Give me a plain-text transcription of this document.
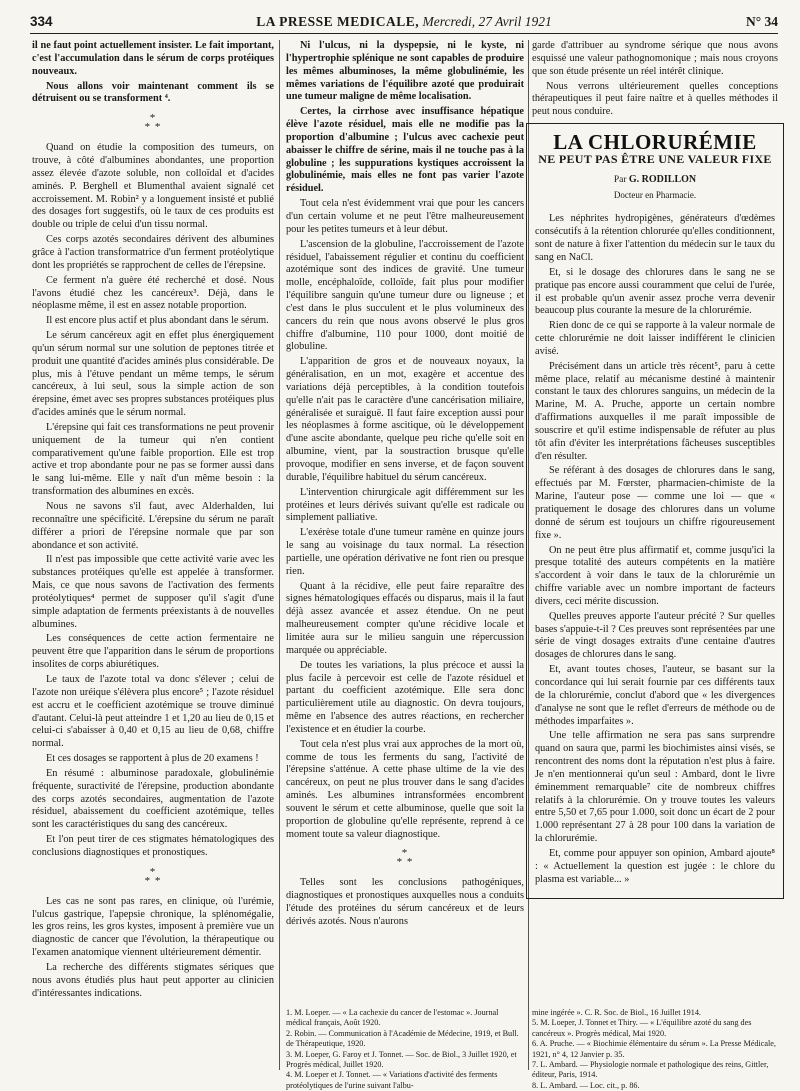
334	LA PRESSE MEDICALE, Mercredi, 27 Avril 1921	N° 34

il ne faut point actuellement insister. Le fait important, c'est l'accumulation dans le sérum de corps protéiques nouveaux.

Nous allons voir maintenant comment ils se détruisent ou se transforment ⁴.

*
* *

Quand on étudie la composition des tumeurs, on trouve, à côté d'albumines abondantes, une proportion assez élevée d'azote soluble, non colloïdal et d'acides aminés. P. Berghell et Blumenthal avaient signalé cet accroissement. M. Robin² y a longuement insisté et publié des dosages fort suggestifs, où le taux de ces produits est double ou triple de celui d'un tissu normal.

Ces corps azotés secondaires dérivent des albumines grâce à l'action transformatrice d'un ferment protéolytique dont les propriétés se rapprochent de celles de l'érepsine.

Ce ferment n'a guère été recherché et dosé. Nous l'avons étudié chez les cancéreux³. Déjà, dans le néoplasme même, il est en assez notable proportion.

Il est encore plus actif et plus abondant dans le sérum.

Le sérum cancéreux agit en effet plus énergiquement qu'un sérum normal sur une solution de peptones titrée et produit une quantité d'acides aminés plus considérable. De plus, mis à l'étuve pendant un même temps, le sérum cancéreux, à lui seul, sous la simple action de son érepsine, émet avec ses propres substances protéiques plus d'acides aminés que le sérum normal.

L'érepsine qui fait ces transformations ne peut provenir uniquement de la tumeur qui n'en contient comparativement qu'une faible proportion. Elle est trop active et trop abondante pour ne pas se former aussi dans le sang lui-même. Elle y naît d'un même besoin : la transformation des albumines en excès.

Nous ne savons s'il faut, avec Alderhalden, lui reconnaître une spécificité. L'érepsine du sérum ne paraît différer a priori de l'érepsine normale que par son abondance et son activité.

Il n'est pas impossible que cette activité varie avec les substances protéiques qu'elle est appelée à transformer. Mais, ce que nous savons de l'activation des ferments protéolytiques⁴ permet de supposer qu'il s'agit d'une simple adaptation de ferments préexistants à de nouvelles albumines.

Les conséquences de cette action fermentaire ne peuvent être que l'apparition dans le sérum de proportions insolites de corps abiurétiques.

Le taux de l'azote total va donc s'élever ; celui de l'azote non uréique s'élèvera plus encore⁵ ; l'azote résiduel est accru et le coefficient azotémique se trouve diminué d'autant. Celui-là peut atteindre 1 et 1,20 au lieu de 0,15 et celui-ci s'abaisser à 0,40 et 0,15 au lieu de 0,68, chiffre normal.

Et ces dosages se rapportent à plus de 20 examens !

En résumé : albuminose paradoxale, globulinémie fréquente, suractivité de l'érepsine, production abondante des corps azotés secondaires, augmentation de l'azote résiduel, abaissement du coefficient azotémique, telles sont les caractéristiques du sang des cancéreux.

Et l'on peut tirer de ces stigmates hématologiques des conclusions diagnostiques et pronostiques.

*
* *

Les cas ne sont pas rares, en clinique, où l'urémie, l'ulcus gastrique, l'apepsie chronique, la splénomégalie, les gros reins, les gros kystes, imposent à première vue un diagnostic de cancer que l'évolution, la thérapeutique ou l'examen anatomique viennent ultérieurement démentir.

La recherche des différents stigmates sériques que nous avons étudiés plus haut peut apporter au clinicien d'intéressantes indications.

Ni l'ulcus, ni la dyspepsie, ni le kyste, ni l'hypertrophie splénique ne sont capables de produire les mêmes albuminoses, la même globulinémie, les mêmes variations de l'équilibre azoté que produirait une tumeur maligne de même localisation.

Certes, la cirrhose avec insuffisance hépatique élève l'azote résiduel, mais elle ne modifie pas la proportion d'albumine ; l'ulcus avec cachexie peut abaisser le chiffre de sérine, mais il ne touche pas à la globuline ; les suppurations kystiques accroissent la globulinémie, mais elles ne font pas varier l'azote résiduel.

Tout cela n'est évidemment vrai que pour les cancers d'un certain volume et ne peut l'être malheureusement pour les petites tumeurs et à leur début.

L'ascension de la globuline, l'accroissement de l'azote résiduel, l'abaissement régulier et continu du coefficient azotémique sont des indices de gravité. Une tumeur molle, encéphaloïde, colloïde, fait plus pour modifier l'équilibre sanguin qu'une tumeur dure ou ligneuse ; et c'est dans le plus succulent et le plus volumineux des cancers du rein que nous avons observé le plus gros chiffre d'albumine, 110 pour 1000, dont moitié de globuline.

L'apparition de gros et de nouveaux noyaux, la généralisation, en un mot, exagère et accentue des variations déjà perceptibles, à la condition toutefois qu'elle n'ait pas le caractère d'une cancérisation miliaire, généralisée et suraiguë. Il faut faire exception aussi pour les néoplasmes à forme ascitique, où le développement d'une ascite abondante, quelque peu riche qu'elle soit en albumine, vient, par la soustraction brusque qu'elle provoque, modifier en sens inverse, et de façon souvent durable, l'équilibre habituel du sérum cancéreux.

L'intervention chirurgicale agit différemment sur les protéines et leurs dérivés suivant qu'elle est radicale ou simplement palliative.

L'exérèse totale d'une tumeur ramène en quinze jours le sang au voisinage du taux normal. La résection partielle, une opération dérivative ne font rien ou presque rien.

Quant à la récidive, elle peut faire reparaître des signes hématologiques effacés ou disparus, mais il la faut déjà assez avancée et assez étendue. On ne peut malheureusement compter qu'une récidive locale et limitée aura sur le milieu sanguin une répercussion marquée ou appréciable.

De toutes les variations, la plus précoce et aussi la plus facile à percevoir est celle de l'azote résiduel et partant du coefficient azotémique. Elle sera donc particulièrement utile au diagnostic. On devra toujours, même en l'absence des autres réactions, en rechercher l'existence et en étudier la courbe.

Tout cela n'est plus vrai aux approches de la mort où, comme de tous les ferments du sang, l'activité de l'érepsine s'atténue. A cette phase ultime de la vie des cancéreux, on peut ne plus trouver dans le sang d'acides aminés. Les albumines intransformées encombrent souvent le sérum et cette albuminose, quelle que soit la proportion de globuline qu'elle représente, reprend à ce moment toute sa valeur diagnostique.

*
* *

Telles sont les conclusions pathogéniques, diagnostiques et pronostiques auxquelles nous a conduits l'étude des protéines du sérum cancéreux et de leurs dérivés azotés. Nous n'aurons

garde d'attribuer au syndrome sérique que nous avons esquissé une valeur pathognomonique ; mais nous croyons que son étude présente un réel intérêt clinique.

Nous verrons ultérieurement quelles conceptions thérapeutiques il peut faire naître et à quelles méthodes il peut nous conduire.

LA CHLORURÉMIE
NE PEUT PAS ÊTRE UNE VALEUR FIXE
Par G. RODILLON
Docteur en Pharmacie.

Les néphrites hydropigènes, générateurs d'œdèmes consécutifs à la rétention chlorurée qu'elles conditionnent, sont de nature à fixer l'attention du médecin sur le taux du sang en NaCl.

Et, si le dosage des chlorures dans le sang ne se pratique pas encore aussi couramment que celui de l'urée, il est probable qu'un avenir assez proche verra devenir beaucoup plus courante la mesure de la chlorurémie.

Rien donc de ce qui se rapporte à la valeur normale de cette chlorurémie ne doit laisser indifférent le clinicien avisé.

Précisément dans un article très récent⁵, paru à cette même place, relatif au mécanisme destiné à maintenir constant le taux des chlorures sanguins, un médecin de la Marine, M. A. Pruche, apporte un certain nombre d'affirmations auxquelles il me paraît impossible de souscrire et qu'il estime indispensable de réfuter au plus tôt afin d'éviter les interprétations fâcheuses susceptibles d'en résulter.

Se référant à des dosages de chlorures dans le sang, effectués par M. Fœrster, pharmacien-chimiste de la Marine, l'auteur pose — comme une loi — que « pratiquement le dosage des chlorures dans un volume donné de sérum est toujours un chiffre rigoureusement fixe ».

On ne peut être plus affirmatif et, comme jusqu'ici la presque totalité des auteurs compétents en la matière s'accordent à voir dans le taux de la chlorurémie un chiffre variable avec un nombre important de facteurs divers, ceci mérite discussion.

Quelles preuves apporte l'auteur précité ? Sur quelles bases s'appuie-t-il ? Ces preuves sont représentées par une série de vingt dosages extraits d'une centaine d'autres dosages de chlorures dans le sang.

Et, avant toutes choses, l'auteur, se basant sur la concordance qui lui serait fournie par ces différents taux de la chlorurémie, conclut d'abord que « les divergences d'analyse ne sont que le reflet d'erreurs de méthode ou de méthodes imparfaites ».

Une telle affirmation ne sera pas sans surprendre quand on saura que, parmi les biochimistes ainsi visés, se rencontrent des noms dont la réputation n'est plus à faire. Je n'en mentionnerai qu'un seul : Ambard, dont le livre éminemment remarquable⁷ cite de nombreux chiffres relatifs à la chlorurémie. On y trouve toutes les valeurs entre 5,50 et 7,65 pour 1.000, soit donc un écart de 2 pour 1.000 représentant 27 à 28 pour 100 dans la variation de la chlorurémie.

Et, comme pour appuyer son opinion, Ambard ajoute⁸ : « Actuellement la question est jugée : le chlore du plasma est variable... »

1. M. Loeper. — « La cachexie du cancer de l'estomac ». Journal médical français, Août 1920.
2. Robin. — Communication à l'Académie de Médecine, 1919, et Bull. de Thérapeutique, 1920.
3. M. Loeper, G. Faroy et J. Tonnet. — Soc. de Biol., 3 Juillet 1920, et Progrès médical, Juillet 1920.
4. M. Loeper et J. Tonnet. — « Variations d'activité des ferments protéolytiques de l'urine suivant l'albu-
mine ingérée ». C. R. Soc. de Biol., 16 Juillet 1914.
5. M. Loeper, J. Tonnet et Thiry. — « L'équilibre azoté du sang des cancéreux ». Progrès médical, Mai 1920.
6. A. Pruche. — « Biochimie élémentaire du sérum ». La Presse Médicale, 1921, n° 4, 12 Janvier p. 35.
7. L. Ambard. — Physiologie normale et pathologique des reins, Gittler, éditeur, Paris, 1914.
8. L. Ambard. — Loc. cit., p. 86.
